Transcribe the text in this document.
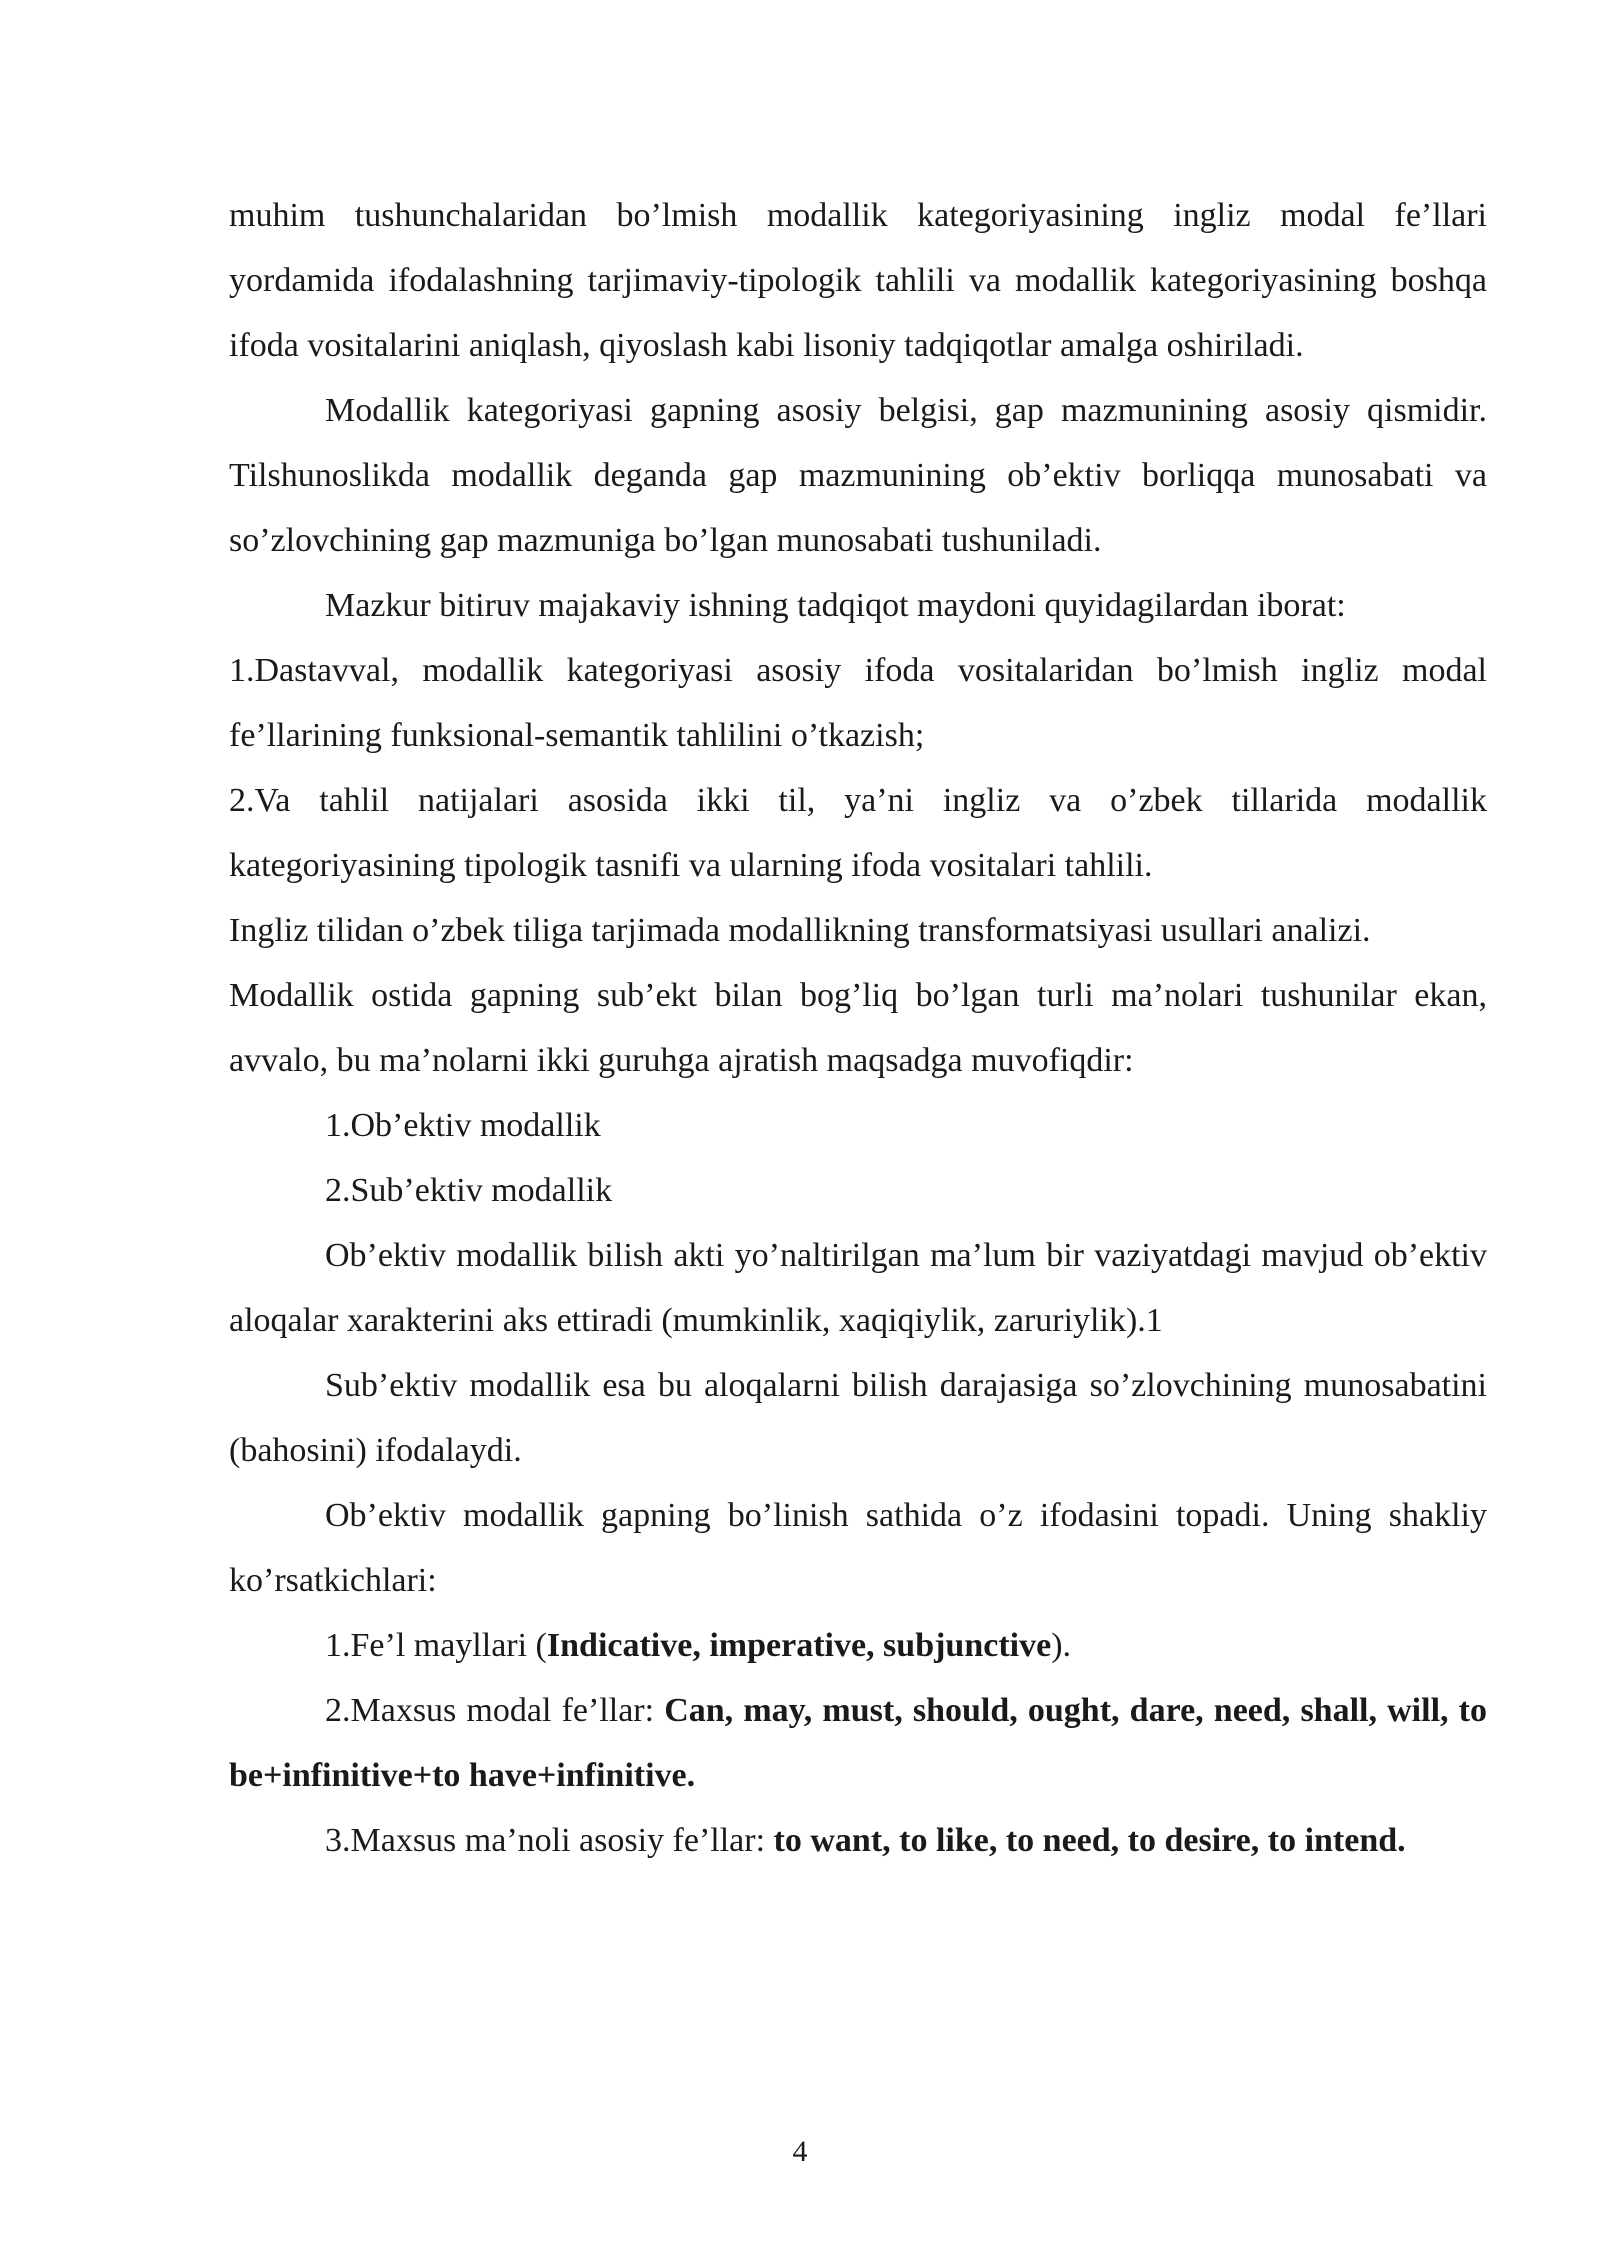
muhim tushunchalaridan bo’lmish modallik kategoriyasining ingliz modal fe’llari yordamida ifodalashning tarjimaviy-tipologik tahlili va modallik kategoriyasining boshqa ifoda vositalarini aniqlash, qiyoslash kabi lisoniy tadqiqotlar amalga oshiriladi.

Modallik kategoriyasi gapning asosiy belgisi, gap mazmunining asosiy qismidir. Tilshunoslikda modallik deganda gap mazmunining ob’ektiv borliqqa munosabati va so’zlovchining gap mazmuniga bo’lgan munosabati tushuniladi.

Mazkur bitiruv majakaviy ishning tadqiqot maydoni quyidagilardan iborat:

1.Dastavval, modallik kategoriyasi asosiy ifoda vositalaridan bo’lmish ingliz modal fe’llarining funksional-semantik tahlilini o’tkazish;

2.Va tahlil natijalari asosida ikki til, ya’ni ingliz va o’zbek tillarida modallik kategoriyasining tipologik tasnifi va ularning ifoda vositalari tahlili.

Ingliz tilidan o’zbek tiliga tarjimada modallikning transformatsiyasi usullari analizi.

Modallik ostida gapning sub’ekt bilan bog’liq bo’lgan turli ma’nolari tushunilar ekan, avvalo, bu ma’nolarni ikki guruhga ajratish maqsadga muvofiqdir:

1.Ob’ektiv modallik

2.Sub’ektiv modallik

Ob’ektiv modallik bilish akti yo’naltirilgan ma’lum bir vaziyatdagi mavjud ob’ektiv aloqalar xarakterini aks ettiradi (mumkinlik, xaqiqiylik, zaruriylik).1

Sub’ektiv modallik esa bu aloqalarni bilish darajasiga so’zlovchining munosabatini (bahosini) ifodalaydi.

Ob’ektiv modallik gapning bo’linish sathida o’z ifodasini topadi. Uning shakliy ko’rsatkichlari:

1.Fe’l mayllari (Indicative, imperative, subjunctive).

2.Maxsus modal fe’llar: Can, may, must, should, ought, dare, need, shall, will, to be+infinitive+to have+infinitive.

3.Maxsus ma’noli asosiy fe’llar: to want, to like, to need, to desire, to intend.

4
